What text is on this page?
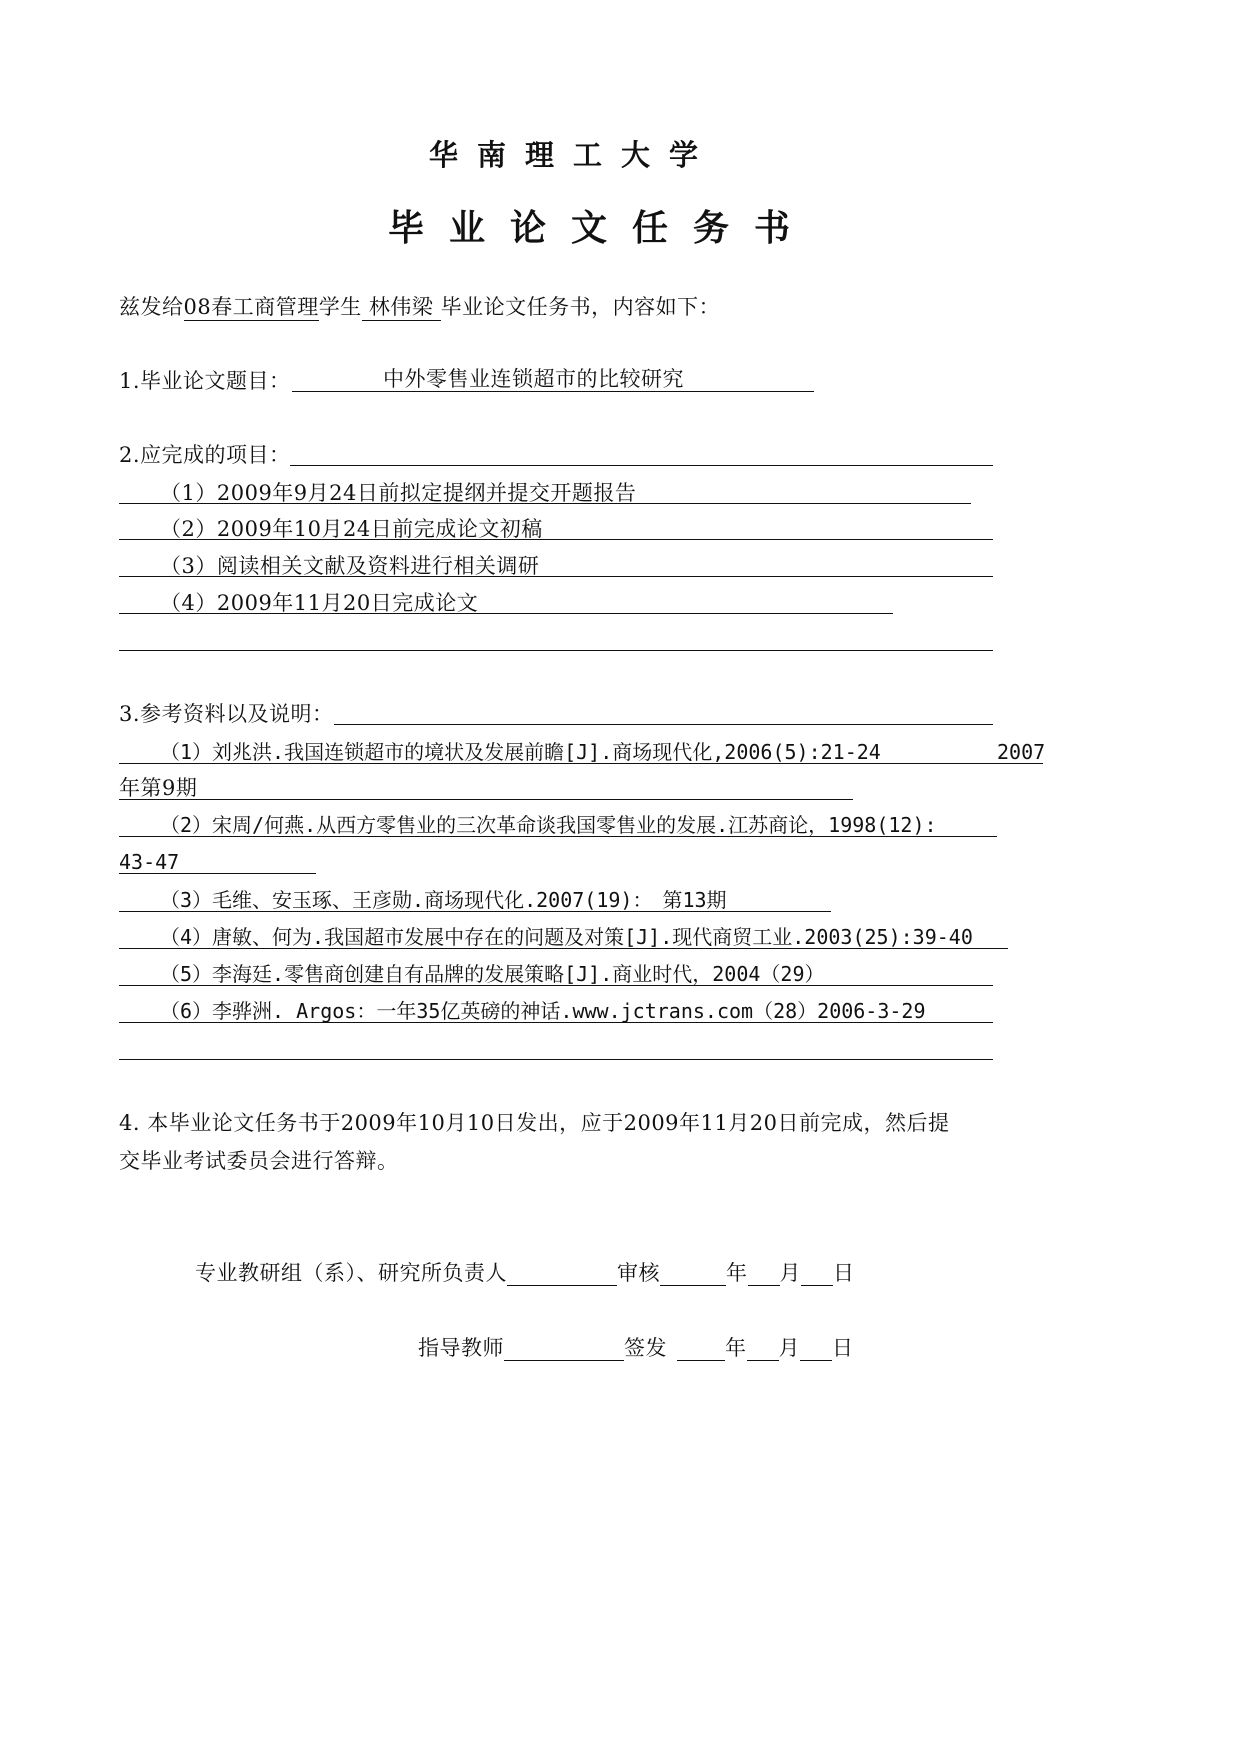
华南理工大学
毕业论文任务书
兹发给08春工商管理学生 林伟梁 毕业论文任务书，内容如下：
1.毕业论文题目：	中外零售业连锁超市的比较研究
2.应完成的项目：
（1）2009年9月24日前拟定提纲并提交开题报告
（2）2009年10月24日前完成论文初稿
（3）阅读相关文献及资料进行相关调研
（4）2009年11月20日完成论文
3.参考资料以及说明：
（1）刘兆洪.我国连锁超市的境状及发展前瞻[J].商场现代化,2006(5):21-24	2007
年第9期
（2）宋周/何燕.从西方零售业的三次革命谈我国零售业的发展.江苏商论，1998(12):
43-47
（3）毛维、安玉琢、王彦勋.商场现代化.2007(19)：　第13期
（4）唐敏、何为.我国超市发展中存在的问题及对策[J].现代商贸工业.2003(25):39-40
（5）李海廷.零售商创建自有品牌的发展策略[J].商业时代，2004（29）
（6）李骅洲. Argos：一年35亿英磅的神话.www.jctrans.com（28）2006-3-29
4. 本毕业论文任务书于2009年10月10日发出，应于2009年11月20日前完成，然后提
交毕业考试委员会进行答辩。
专业教研组（系）、研究所负责人	审核	年 月 日
指导教师	签发	年 月 日
